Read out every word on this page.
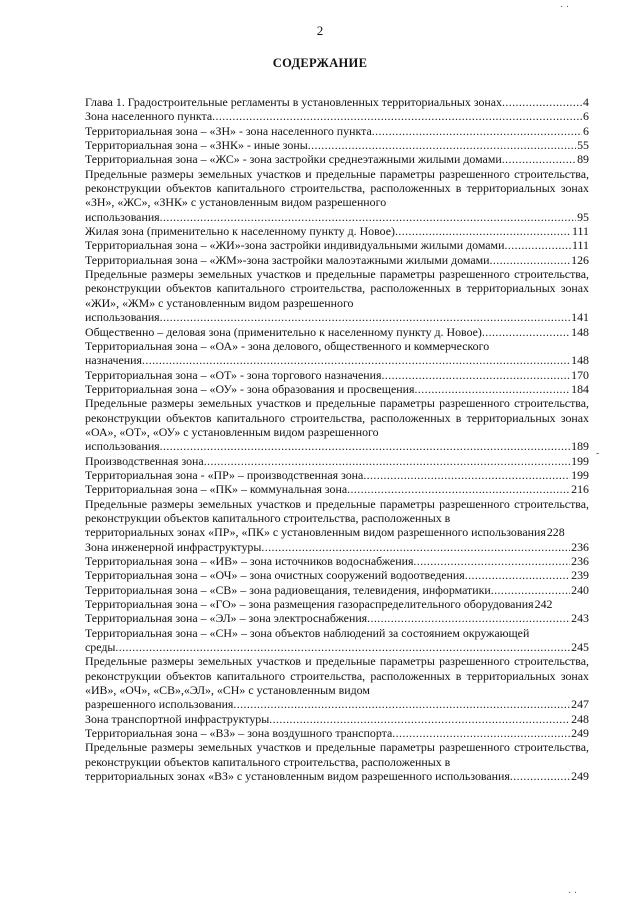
2
СОДЕРЖАНИЕ
Глава 1. Градостроительные регламенты в установленных территориальных зонах .....	4
Зона населенного пункта .....	6
Территориальная зона – «ЗН» - зона населенного пункта .....	6
Территориальная зона – «ЗНК» - иные зоны .....	55
Территориальная зона – «ЖС» - зона застройки среднеэтажными жилыми домами .....	89
Предельные размеры земельных участков и предельные параметры разрешенного строительства, реконструкции объектов капитального строительства, расположенных в территориальных зонах «ЗН», «ЖС», «ЗНК» с установленным видом разрешенного
использования .....	95
Жилая зона (применительно к населенному пункту д. Новое) .....	111
Территориальная зона – «ЖИ»-зона застройки индивидуальными жилыми домами .....	111
Территориальная зона – «ЖМ»-зона застройки малоэтажными жилыми домами .....	126
Предельные размеры земельных участков и предельные параметры разрешенного строительства, реконструкции объектов капитального строительства, расположенных в территориальных зонах «ЖИ», «ЖМ» с установленным видом разрешенного
использования .....	141
Общественно – деловая зона (применительно к населенному пункту д. Новое) .....	148
Территориальная зона – «ОА» - зона делового, общественного и коммерческого
назначения .....	148
Территориальная зона – «ОТ» - зона торгового назначения .....	170
Территориальная зона – «ОУ» - зона образования и просвещения .....	184
Предельные размеры земельных участков и предельные параметры разрешенного строительства, реконструкции объектов капитального строительства, расположенных в территориальных зонах «ОА», «ОТ», «ОУ» с установленным видом разрешенного
использования .....	189
Производственная зона .....	199
Территориальная зона - «ПР» – производственная зона .....	199
Территориальная зона – «ПК» – коммунальная зона .....	216
Предельные размеры земельных участков и предельные параметры разрешенного строительства, реконструкции объектов капитального строительства, расположенных в
территориальных зонах «ПР», «ПК» с установленным видом разрешенного использования 228
Зона инженерной инфраструктуры .....	236
Территориальная зона – «ИВ» – зона источников водоснабжения .....	236
Территориальная зона – «ОЧ» – зона очистных сооружений водоотведения .....	239
Территориальная зона – «СВ» – зона радиовещания, телевидения, информатики .....	240
Территориальная зона – «ГО» – зона размещения газораспределительного оборудования 242
Территориальная зона – «ЭЛ» – зона электроснабжения .....	243
Территориальная зона – «СН» – зона объектов наблюдений за состоянием окружающей
среды .....	245
Предельные размеры земельных участков и предельные параметры разрешенного строительства, реконструкции объектов капитального строительства, расположенных в территориальных зонах «ИВ», «ОЧ», «СВ»,«ЭЛ», «СН» с установленным видом
разрешенного использования .....	247
Зона транспортной инфраструктуры .....	248
Территориальная зона – «ВЗ» – зона воздушного транспорта .....	249
Предельные размеры земельных участков и предельные параметры разрешенного строительства, реконструкции объектов капитального строительства, расположенных в
территориальных зонах «ВЗ» с установленным видом разрешенного использования .....	249
· ·
-
· ·
